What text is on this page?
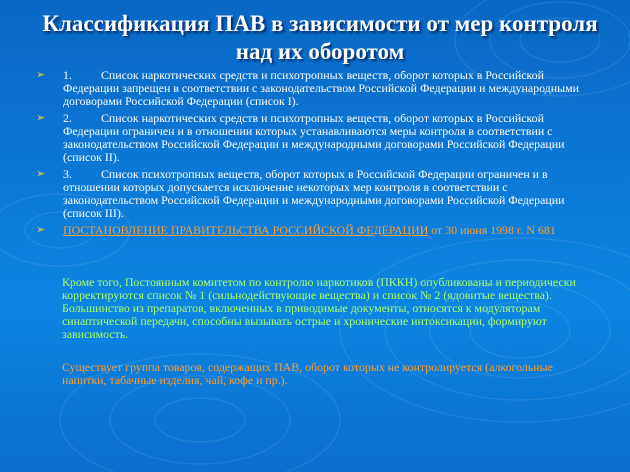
Классификация ПАВ в зависимости от мер контроля над их оборотом
➢ 1. Список наркотических средств и психотропных веществ, оборот которых в Российской Федерации запрещен в соответствии с законодательством Российской Федерации и международными договорами Российской Федерации (список I).
➢ 2. Список наркотических средств и психотропных веществ, оборот которых в Российской Федерации ограничен и в отношении которых устанавливаются меры контроля в соответствии с законодательством Российской Федерации и международными договорами Российской Федерации (список II).
➢ 3. Список психотропных веществ, оборот которых в Российской Федерации ограничен и в отношении которых допускается исключение некоторых мер контроля в соответствии с законодательством Российской Федерации и международными договорами Российской Федерации (список III).
➢ ПОСТАНОВЛЕНИЕ ПРАВИТЕЛЬСТВА РОССИЙСКОЙ ФЕДЕРАЦИИ от 30 июня 1998 г. N 681
Кроме того, Постоянным комитетом по контролю наркотиков (ПККН) опубликованы и периодически корректируются список № 1 (сильнодействующие вещества) и список № 2 (ядовитые вещества). Большинство из препаратов, включенных в приводимые документы, относятся к модуляторам синаптической передачи, способны вызывать острые и хронические интоксикации, формируют зависимость.
Существует группа товаров, содержащих ПАВ, оборот которых не контролируется (алкогольные напитки, табачные изделия, чай, кофе и пр.).
